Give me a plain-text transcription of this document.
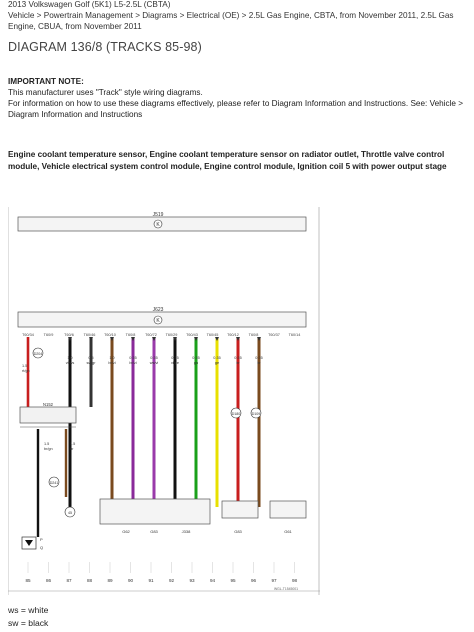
2013 Volkswagen Golf (5K1) L5-2.5L (CBTA)
Vehicle > Powertrain Management > Diagrams > Electrical (OE) > 2.5L Gas Engine, CBTA, from November 2011, 2.5L Gas Engine, CBUA, from November 2011
DIAGRAM 136/8 (TRACKS 85-98)
IMPORTANT NOTE:
This manufacturer uses "Track" style wiring diagrams.
For information on how to use these diagrams effectively, please refer to Diagram Information and Instructions. See: Vehicle > Diagram Information and Instructions
Engine coolant temperature sensor, Engine coolant temperature sensor on radiator outlet, Throttle valve control module, Vehicle electrical system control module, Engine control module, Ignition coil 5 with power output stage
J519
K
J623
K
T60/34	T60/9	T60/6	T60/46 T60/10	T60/8	T60/72 T60/29 T60/43 T60/45 T60/12	T60/8	T60/37 T60/14
1.0
vi/ws
0.5
sw/gr
1.0
br/vi
0.35
br/vi
0.35
ws/vi
0.35
vi/ge
0.35
gn
0.35
ge
0.35
br
0.35
br
1.5
rt/gn
D204
N152
1.5
br/gn
1.5
br
D241
45
D180	D109
G62	G83	J338	G83	G61
P
Q
85	86	87	88	89	90	91	92	93	94	95	96	97	98
WGL-T1545001
ws = white
sw = black
